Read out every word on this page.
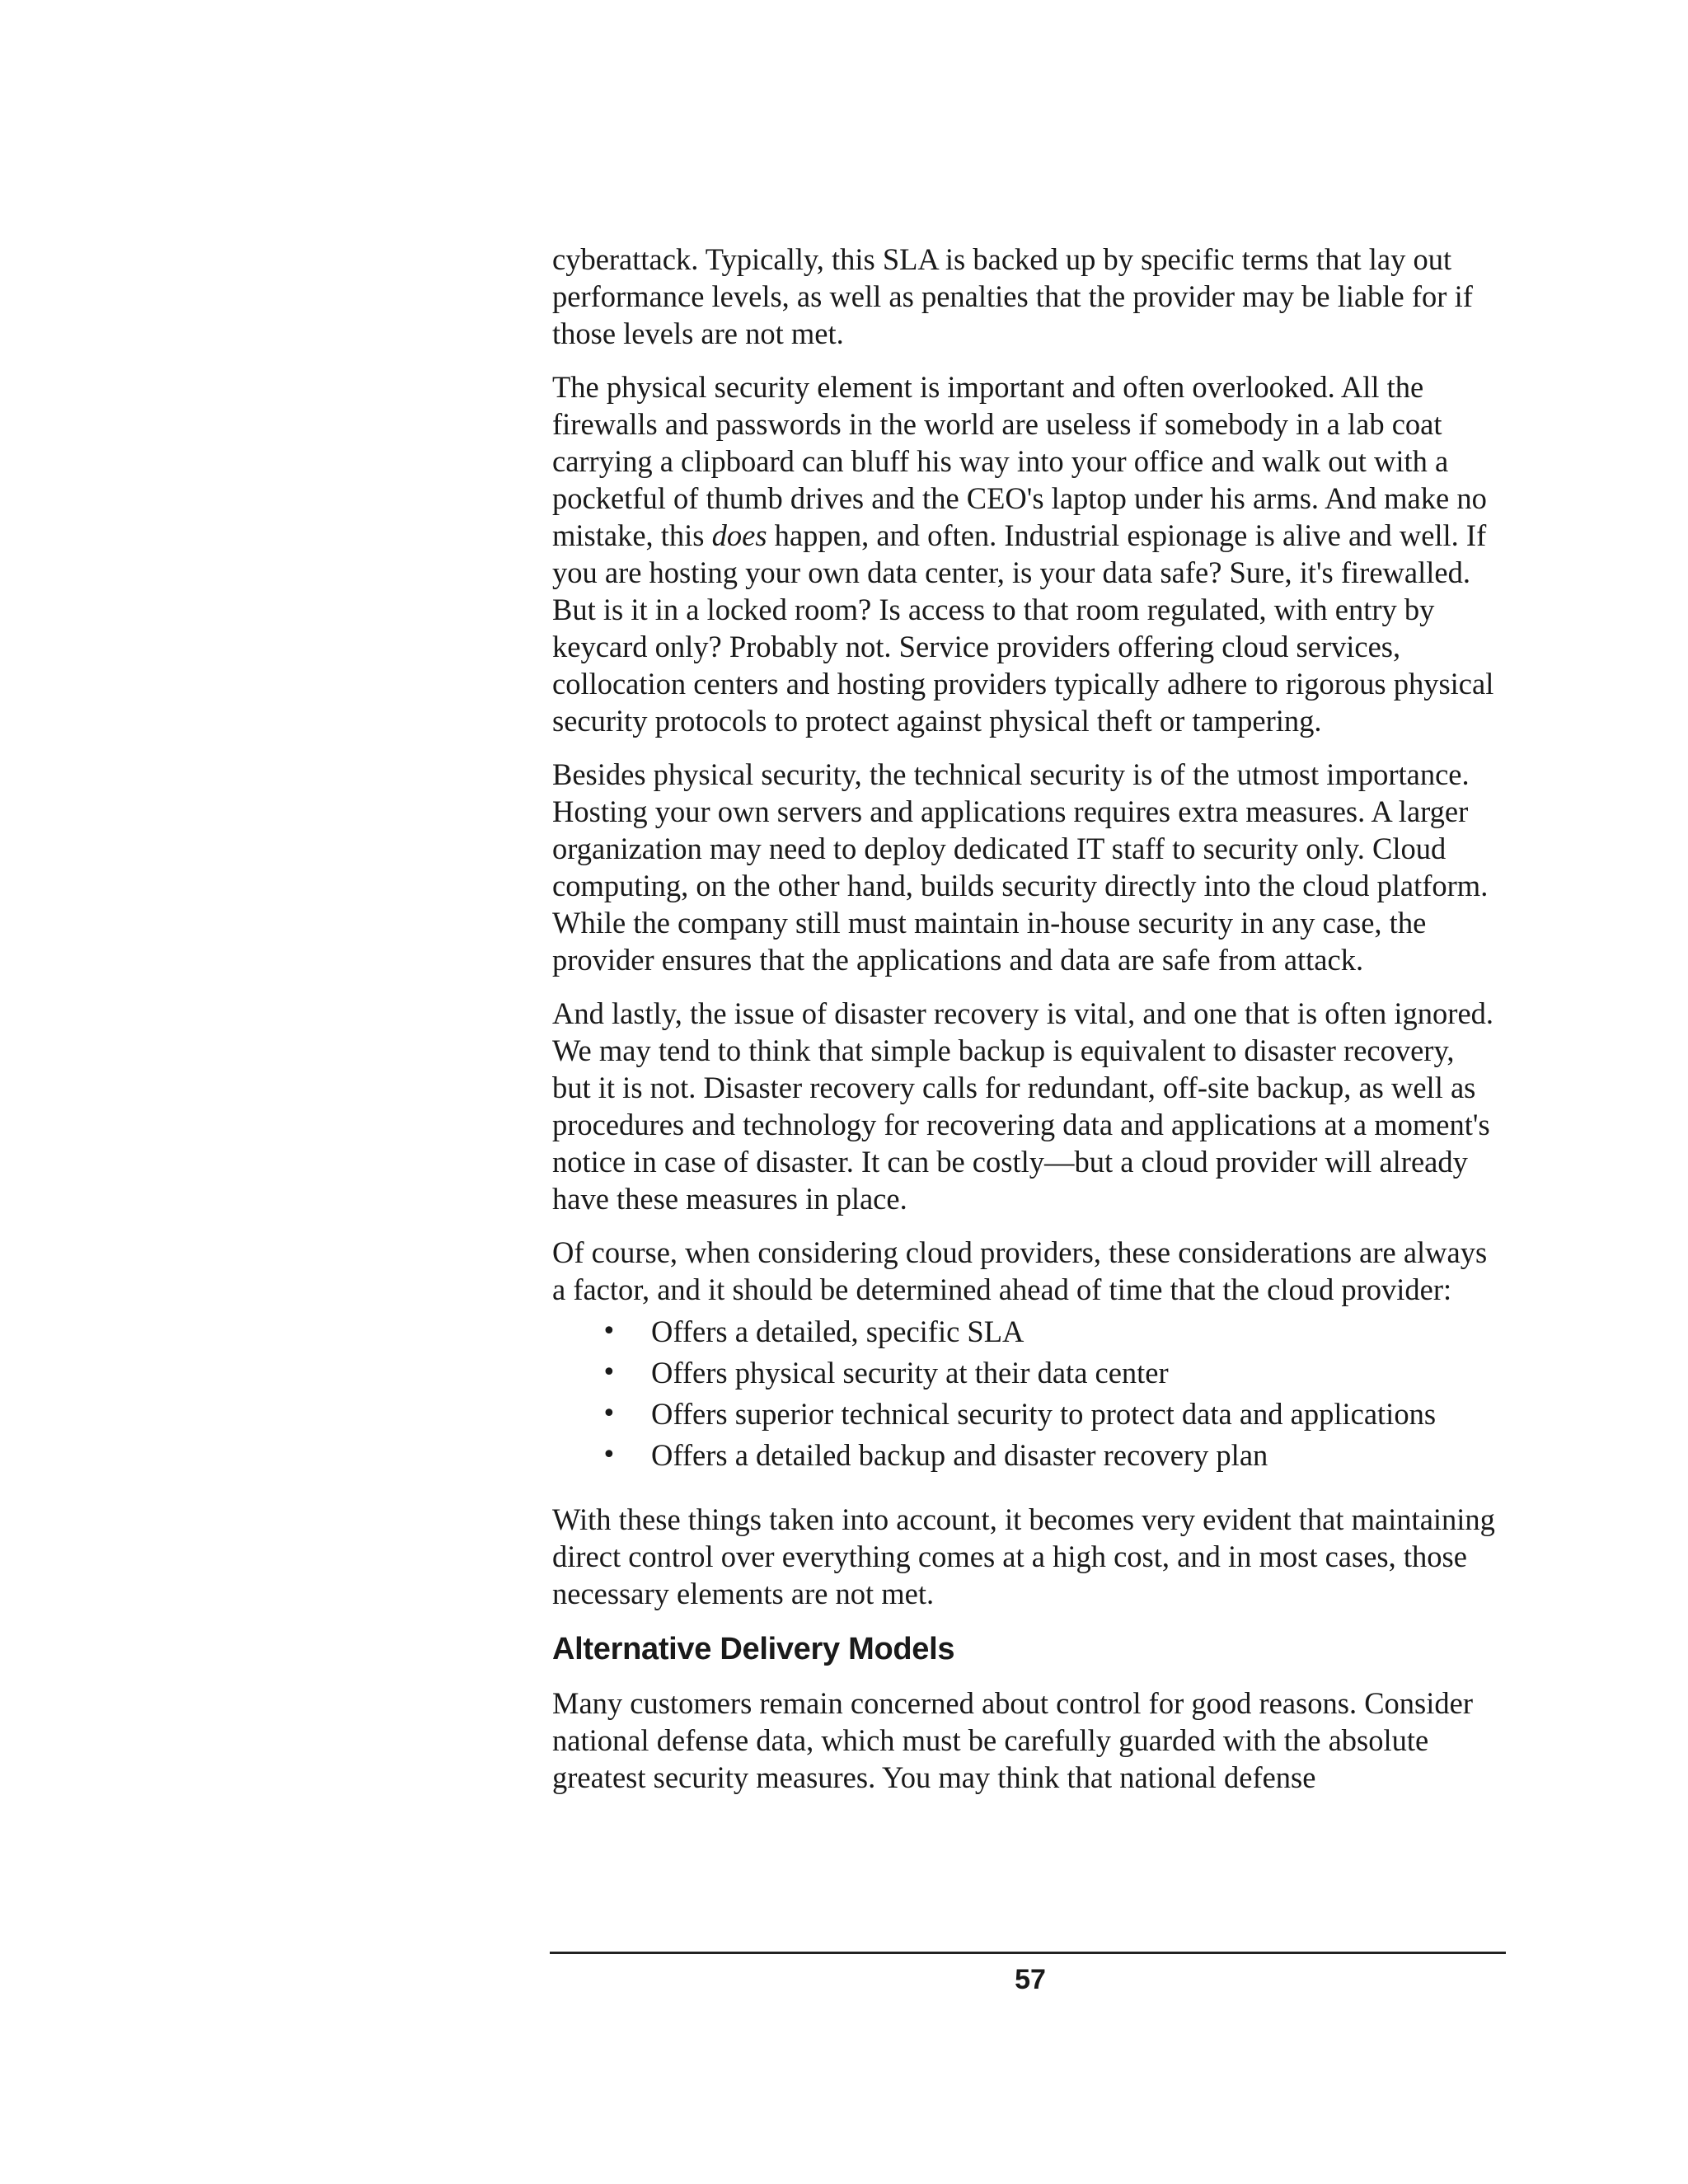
cyberattack. Typically, this SLA is backed up by specific terms that lay out performance levels, as well as penalties that the provider may be liable for if those levels are not met.

The physical security element is important and often overlooked. All the firewalls and passwords in the world are useless if somebody in a lab coat carrying a clipboard can bluff his way into your office and walk out with a pocketful of thumb drives and the CEO's laptop under his arms. And make no mistake, this does happen, and often. Industrial espionage is alive and well. If you are hosting your own data center, is your data safe? Sure, it's firewalled. But is it in a locked room? Is access to that room regulated, with entry by keycard only? Probably not. Service providers offering cloud services, collocation centers and hosting providers typically adhere to rigorous physical security protocols to protect against physical theft or tampering.

Besides physical security, the technical security is of the utmost importance. Hosting your own servers and applications requires extra measures. A larger organization may need to deploy dedicated IT staff to security only. Cloud computing, on the other hand, builds security directly into the cloud platform. While the company still must maintain in-house security in any case, the provider ensures that the applications and data are safe from attack.

And lastly, the issue of disaster recovery is vital, and one that is often ignored. We may tend to think that simple backup is equivalent to disaster recovery, but it is not. Disaster recovery calls for redundant, off-site backup, as well as procedures and technology for recovering data and applications at a moment's notice in case of disaster. It can be costly—but a cloud provider will already have these measures in place.

Of course, when considering cloud providers, these considerations are always a factor, and it should be determined ahead of time that the cloud provider:

• Offers a detailed, specific SLA
• Offers physical security at their data center
• Offers superior technical security to protect data and applications
• Offers a detailed backup and disaster recovery plan

With these things taken into account, it becomes very evident that maintaining direct control over everything comes at a high cost, and in most cases, those necessary elements are not met.

Alternative Delivery Models

Many customers remain concerned about control for good reasons. Consider national defense data, which must be carefully guarded with the absolute greatest security measures. You may think that national defense

57
